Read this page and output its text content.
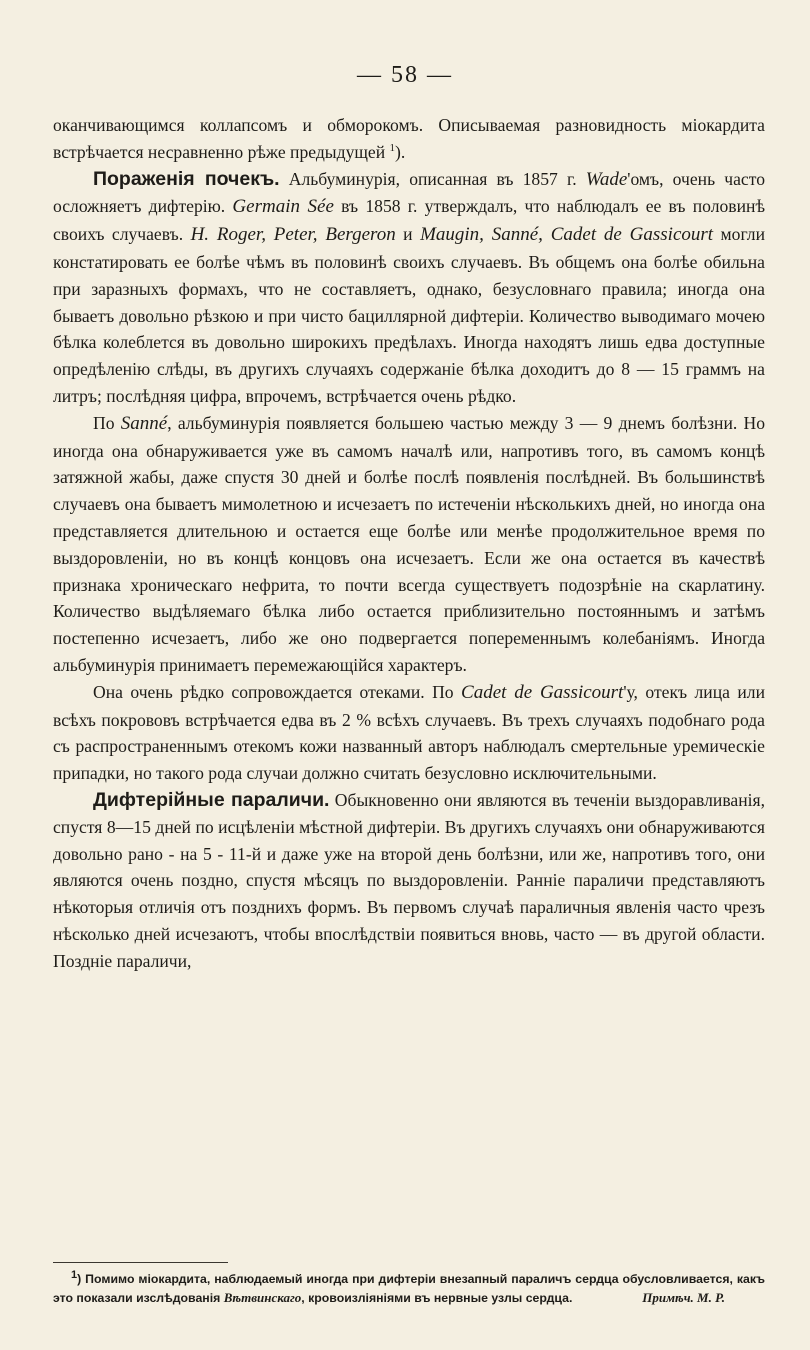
— 58 —

оканчивающимся коллапсомъ и обморокомъ. Описываемая разновидность міокардита встрѣчается несравненно рѣже предыдущей $^1$).

Пораженія почекъ. Альбуминурія, описанная въ 1857 г. Wade'омъ, очень часто осложняетъ дифтерію. Germain Sée въ 1858 г. утверждалъ, что наблюдалъ ее въ половинѣ своихъ случаевъ. H. Roger, Peter, Bergeron и Maugin, Sanné, Cadet de Gassicourt могли констатировать ее болѣе чѣмъ въ половинѣ своихъ случаевъ. Въ общемъ она болѣе обильна при заразныхъ формахъ, что не составляетъ, однако, безусловнаго правила; иногда она бываетъ довольно рѣзкою и при чисто бациллярной дифтеріи. Количество выводимаго мочею бѣлка колеблется въ довольно широкихъ предѣлахъ. Иногда находятъ лишь едва доступные опредѣленію слѣды, въ другихъ случаяхъ содержаніе бѣлка доходитъ до 8 — 15 граммъ на литръ; послѣдняя цифра, впрочемъ, встрѣчается очень рѣдко.

По Sanné, альбуминурія появляется большею частью между 3 — 9 днемъ болѣзни. Но иногда она обнаруживается уже въ самомъ началѣ или, напротивъ того, въ самомъ концѣ затяжной жабы, даже спустя 30 дней и болѣе послѣ появленія послѣдней. Въ большинствѣ случаевъ она бываетъ мимолетною и исчезаетъ по истеченіи нѣсколькихъ дней, но иногда она представляется длительною и остается еще болѣе или менѣе продолжительное время по выздоровленіи, но въ концѣ концовъ она исчезаетъ. Если же она остается въ качествѣ признака хроническаго нефрита, то почти всегда существуетъ подозрѣніе на скарлатину. Количество выдѣляемаго бѣлка либо остается приблизительно постояннымъ и затѣмъ постепенно исчезаетъ, либо же оно подвергается попеременнымъ колебаніямъ. Иногда альбуминурія принимаетъ перемежающійся характеръ.

Она очень рѣдко сопровождается отеками. По Cadet de Gassicourt'у, отекъ лица или всѣхъ покрововъ встрѣчается едва въ 2 % всѣхъ случаевъ. Въ трехъ случаяхъ подобнаго рода съ распространеннымъ отекомъ кожи названный авторъ наблюдалъ смертельные уремическіе припадки, но такого рода случаи должно считать безусловно исключительными.

Дифтерійные параличи. Обыкновенно они являются въ теченіи выздоравливанія, спустя 8—15 дней по исцѣленіи мѣстной дифтеріи. Въ другихъ случаяхъ они обнаруживаются довольно рано - на 5 - 11-й и даже уже на второй день болѣзни, или же, напротивъ того, они являются очень поздно, спустя мѣсяцъ по выздоровленіи. Ранніе параличи представляютъ нѣкоторыя отличія отъ позднихъ формъ. Въ первомъ случаѣ параличныя явленія часто чрезъ нѣсколько дней исчезаютъ, чтобы впослѣдствіи появиться вновь, часто — въ другой области. Поздніе параличи,

$^1$) Помимо міокардита, наблюдаемый иногда при дифтеріи внезапный параличъ сердца обусловливается, какъ это показали изслѣдованія Вѣтвинскаго, кровоизліяніями въ нервные узлы сердца.	Примѣч. М. Р.
